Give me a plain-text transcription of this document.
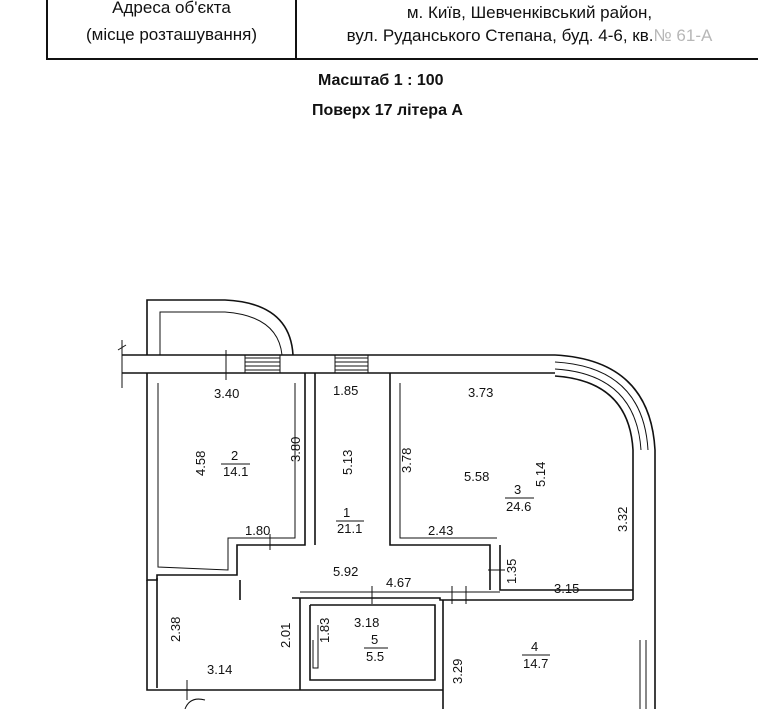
Адреса об'єкта
(місце розташування)
м. Київ, Шевченківський район,
вул. Руданського Степана, буд. 4-6, кв.№ 61-А
Масштаб 1 : 100
Поверх 17 літера А
3.40	1.85	3.73
4.58
3.80
5.13	3.78
5.58	5.14
3.32
1.80	2.43
1.35
5.92
4.67	3.15
3.18
2.38	2.01 1.83
3.29
3.14
1
21.1
2
14.1
3
24.6
4
14.7
5
5.5
